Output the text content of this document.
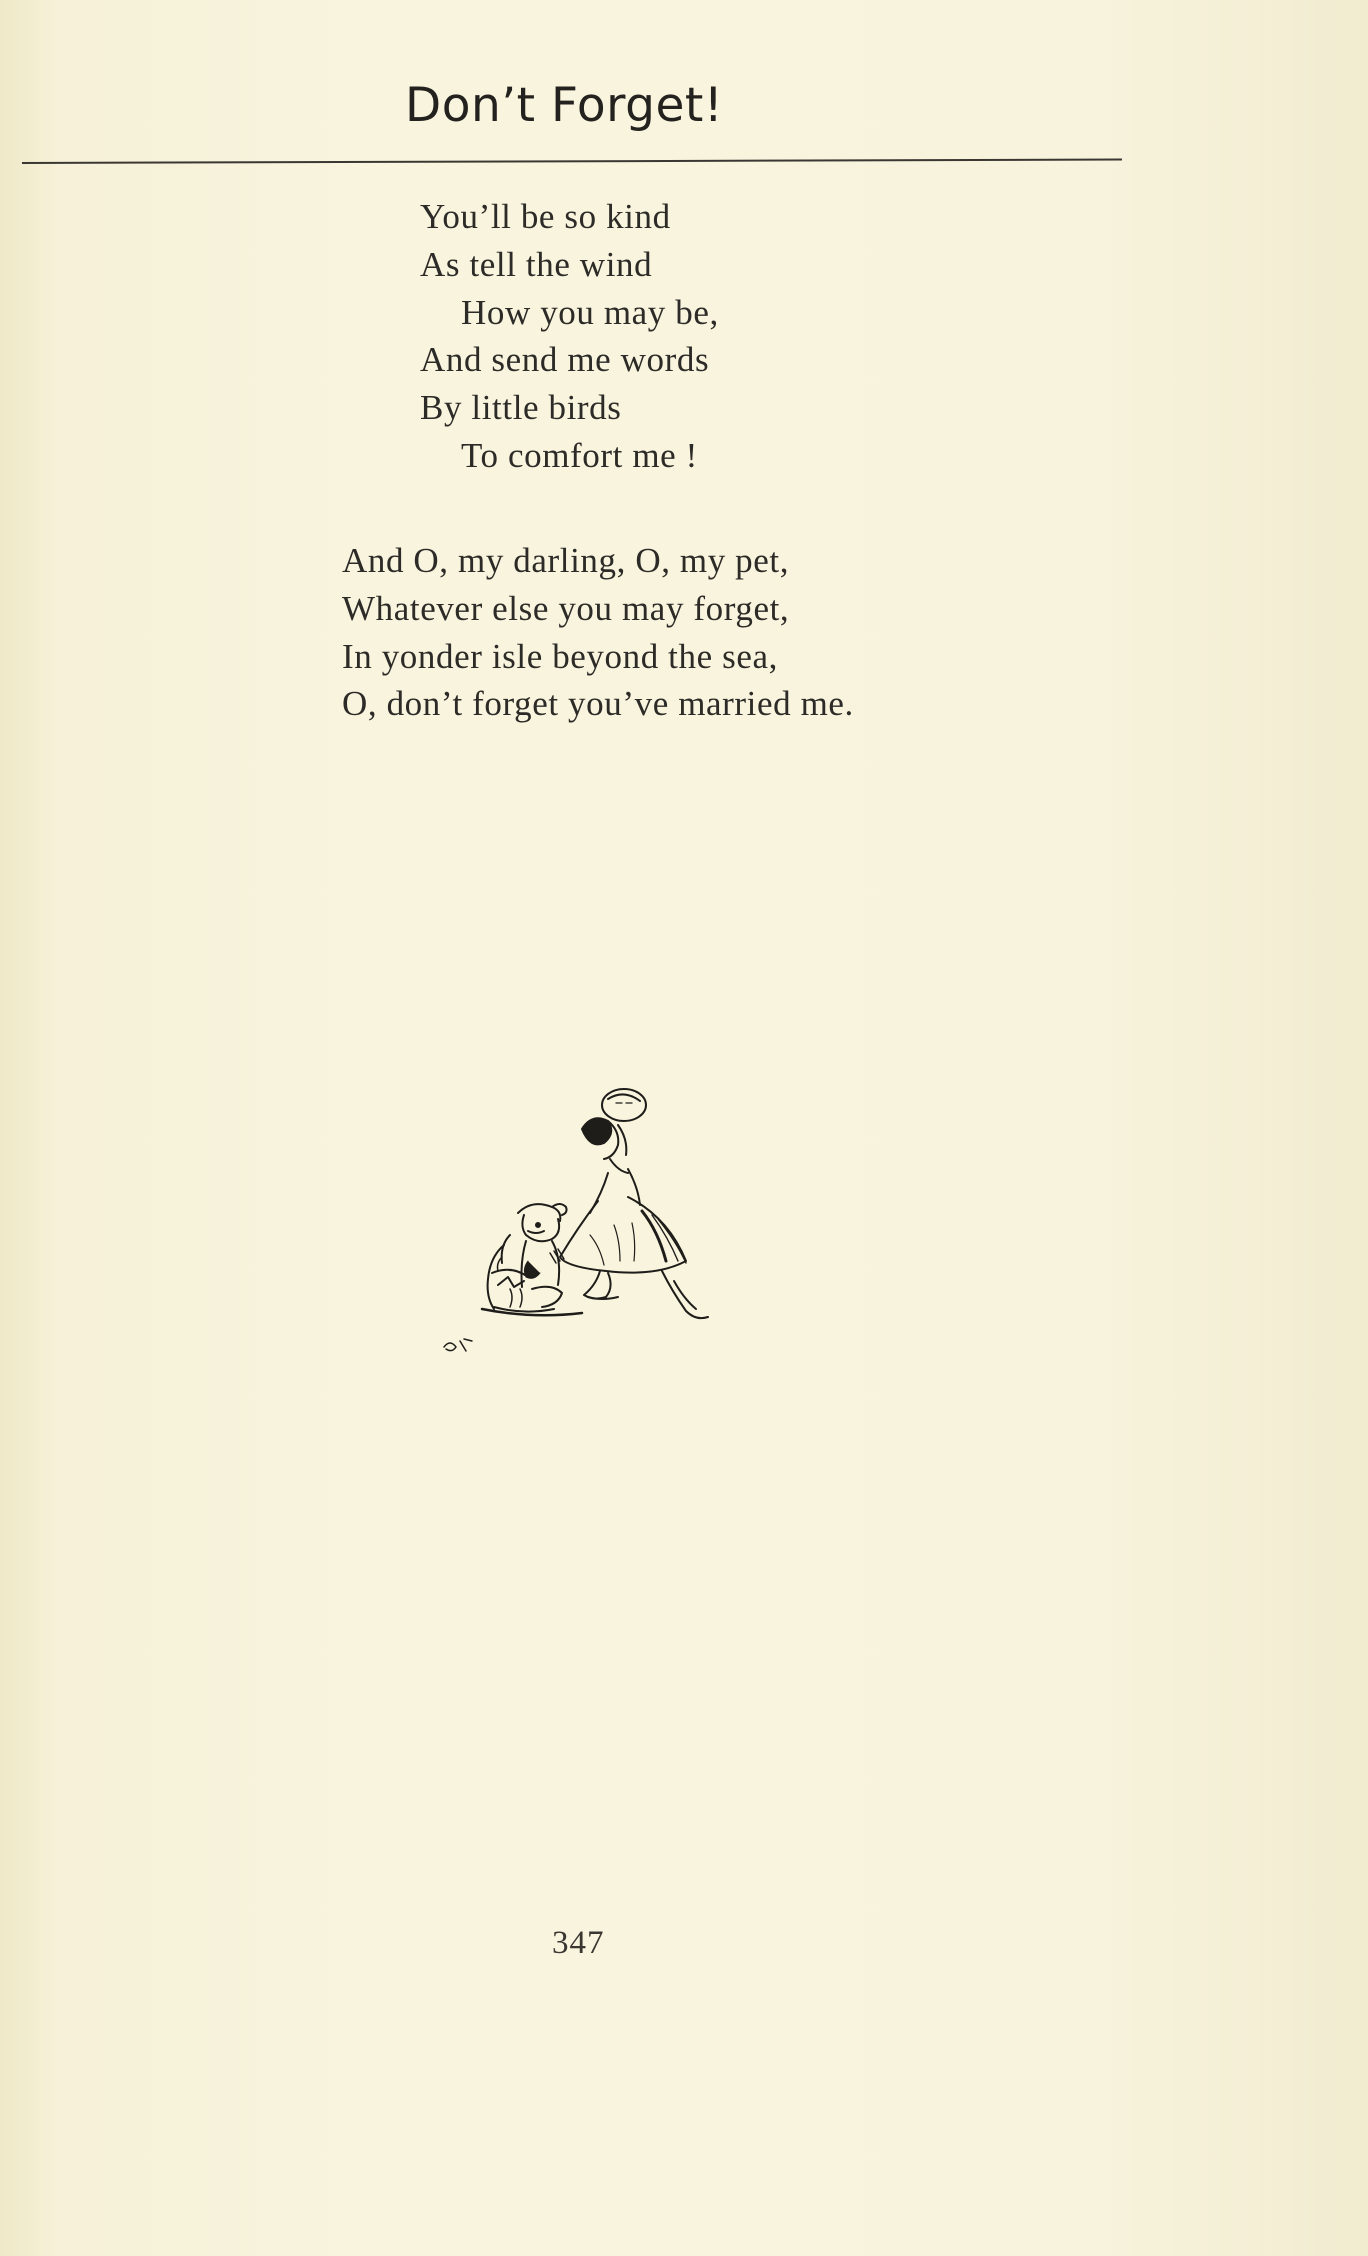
Don’t Forget!
You’ll be so kind
As tell the wind
How you may be,
And send me words
By little birds
To comfort me !
And O, my darling, O, my pet,
Whatever else you may forget,
In yonder isle beyond the sea,
O, don’t forget you’ve married me.
347
